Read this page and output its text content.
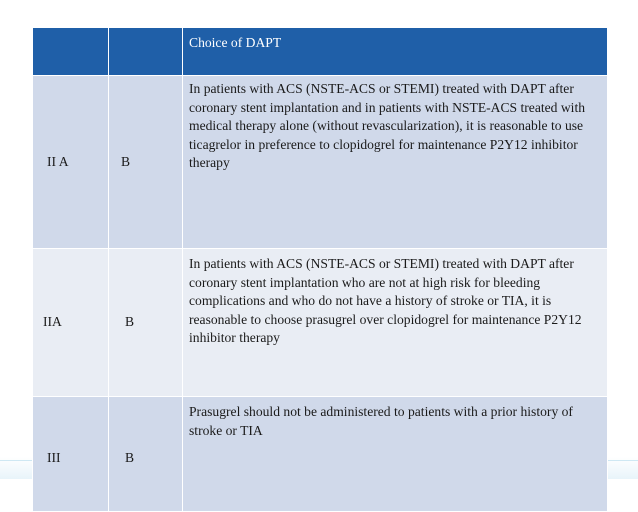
		Choice of DAPT
II A	B	In patients with ACS (NSTE-ACS or STEMI) treated with DAPT after coronary stent implantation and in patients with NSTE-ACS treated with medical therapy alone (without revascularization), it is reasonable to use ticagrelor in preference to clopidogrel for maintenance P2Y12 inhibitor therapy
IIA	B	In patients with ACS (NSTE-ACS or STEMI) treated with DAPT after coronary stent implantation who are not at high risk for bleeding complications and who do not have a history of stroke or TIA, it is reasonable to choose prasugrel over clopidogrel for maintenance P2Y12 inhibitor therapy
III	B	Prasugrel should not be administered to patients with a prior history of stroke or TIA
